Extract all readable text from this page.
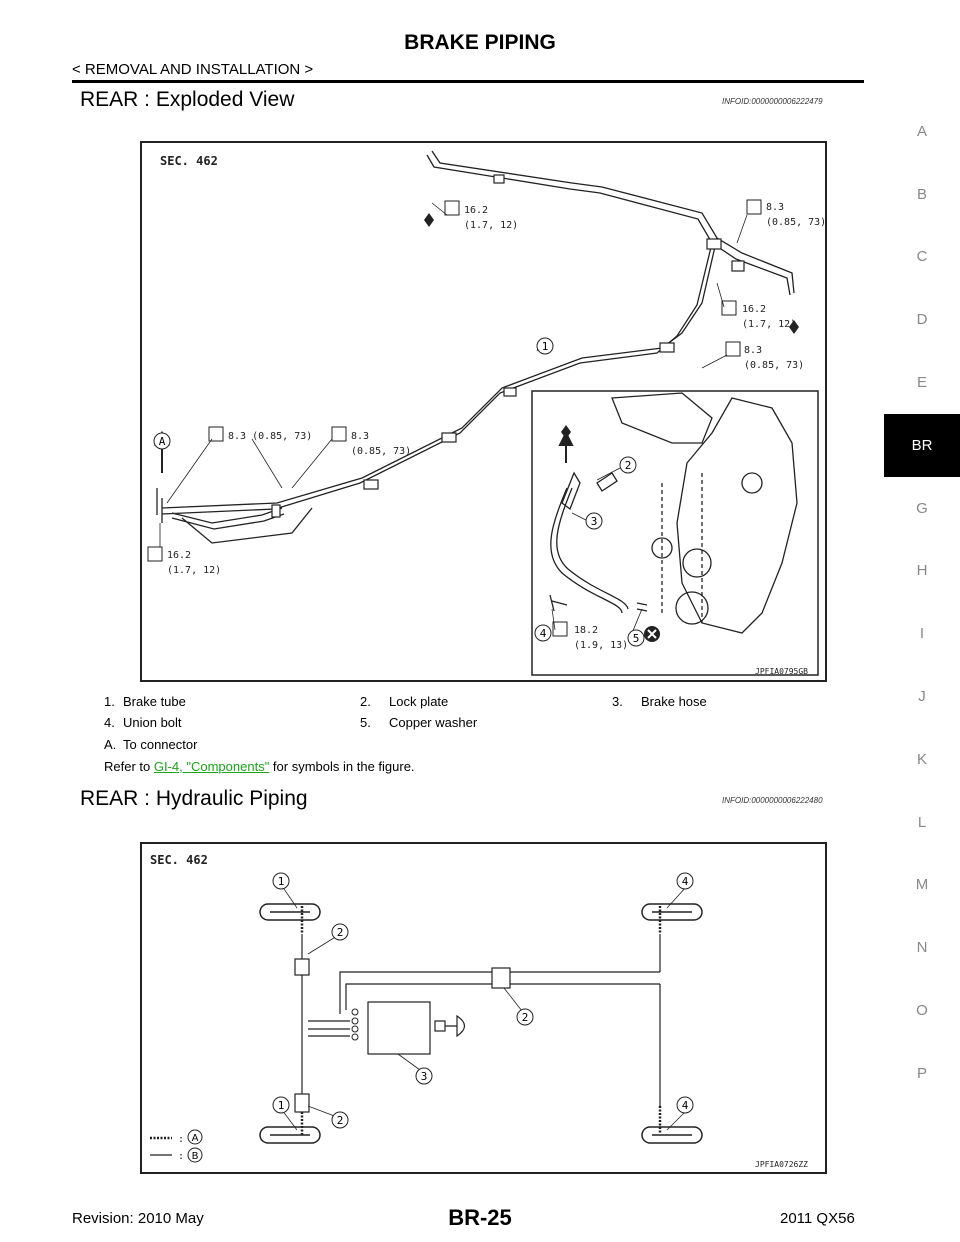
BRAKE PIPING
< REMOVAL AND INSTALLATION >
REAR : Exploded View	INFOID:0000000006222479
16.2
(1.7, 12)
8.3
(0.85, 73)
16.2
(1.7, 12)
8.3
(0.85, 73)
8.3 (0.85, 73)	8.3
(0.85, 73)
16.2
(1.7, 12)
18.2
(1.9, 13)
1
2
3
4	5
A
SEC. 462
JPFIA0795GB
1. Brake tube	2. Lock plate	3. Brake hose
4. Union bolt	5. Copper washer
A. To connector
Refer to GI-4, "Components" for symbols in the figure.
REAR : Hydraulic Piping	INFOID:0000000006222480
SEC. 462
1	4
2
2
3
1
2
4
: A
: B
JPFIA0726ZZ
A
B
C
D
E
BR
G
H
I
J
K
L
M
N
O
P
Revision: 2010 May	BR-25	2011 QX56
